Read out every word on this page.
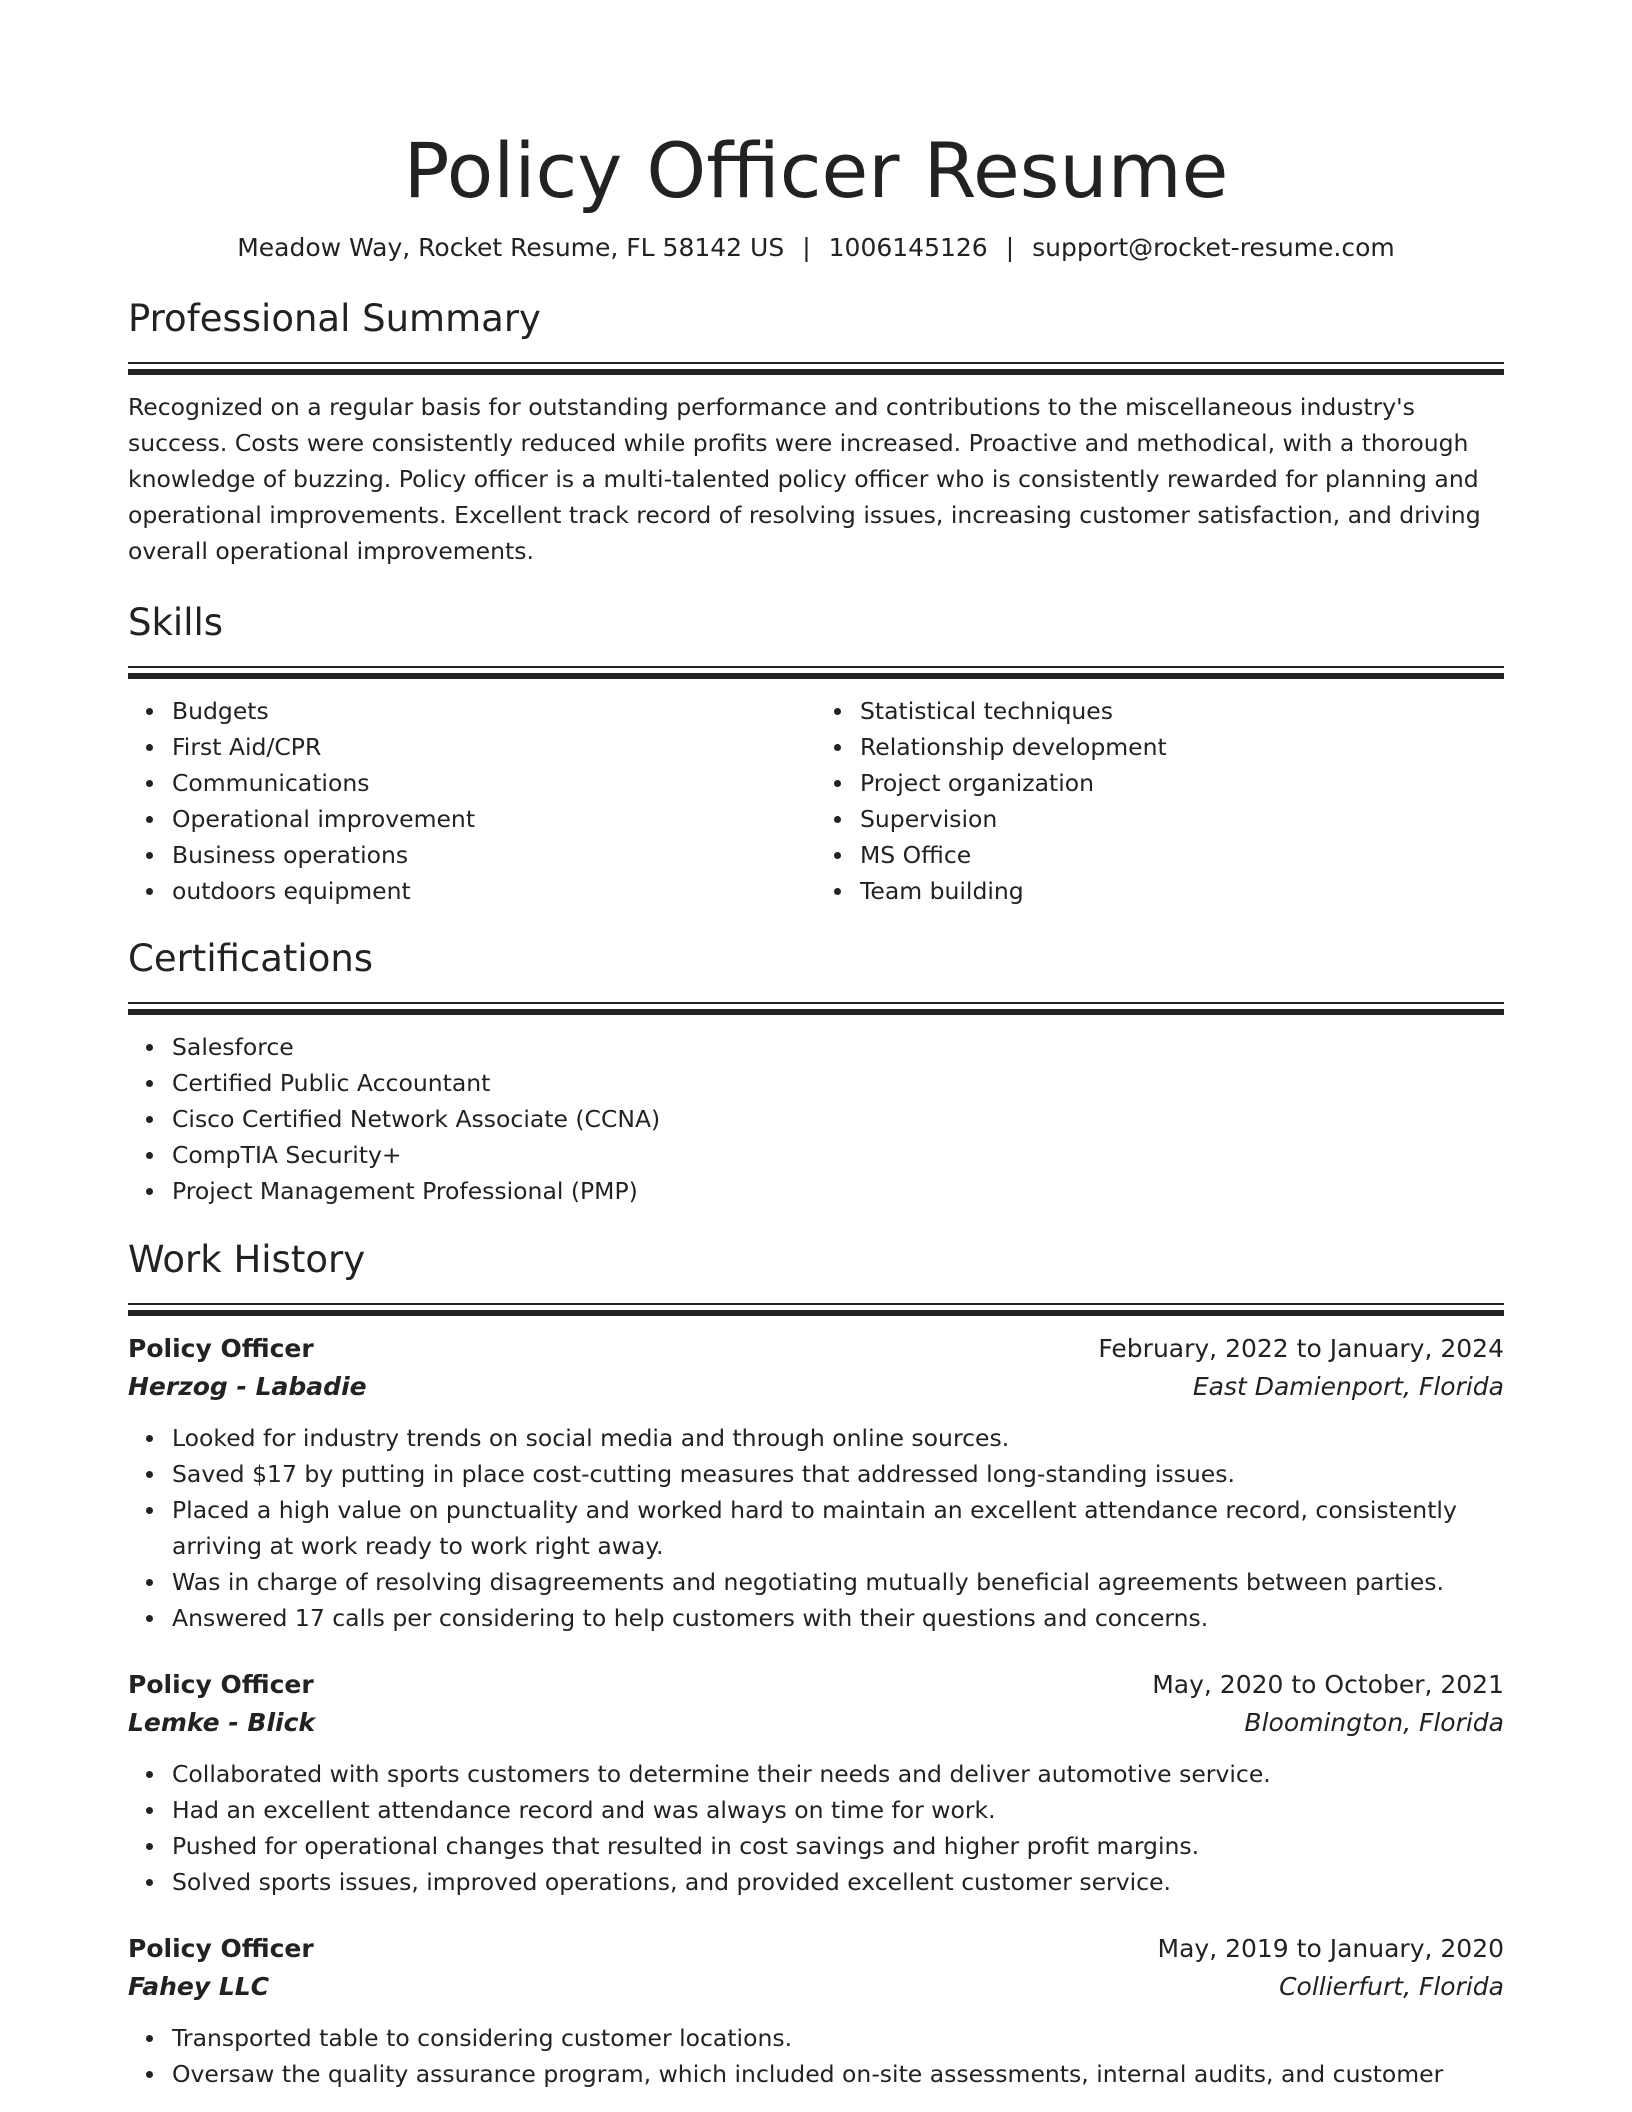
Policy Officer Resume
Meadow Way, Rocket Resume, FL 58142 US | 1006145126 | support@rocket-resume.com
Professional Summary

Recognized on a regular basis for outstanding performance and contributions to the miscellaneous industry's success. Costs were consistently reduced while profits were increased. Proactive and methodical, with a thorough knowledge of buzzing. Policy officer is a multi-talented policy officer who is consistently rewarded for planning and operational improvements. Excellent track record of resolving issues, increasing customer satisfaction, and driving overall operational improvements.

Skills
Budgets
First Aid/CPR
Communications
Operational improvement
Business operations
outdoors equipment
Statistical techniques
Relationship development
Project organization
Supervision
MS Office
Team building
Certifications
Salesforce
Certified Public Accountant
Cisco Certified Network Associate (CCNA)
CompTIA Security+
Project Management Professional (PMP)
Work History
Policy Officer	February, 2022 to January, 2024
Herzog - Labadie	East Damienport, Florida
Looked for industry trends on social media and through online sources.
Saved $17 by putting in place cost-cutting measures that addressed long-standing issues.
Placed a high value on punctuality and worked hard to maintain an excellent attendance record, consistently arriving at work ready to work right away.
Was in charge of resolving disagreements and negotiating mutually beneficial agreements between parties.
Answered 17 calls per considering to help customers with their questions and concerns.
Policy Officer	May, 2020 to October, 2021
Lemke - Blick	Bloomington, Florida
Collaborated with sports customers to determine their needs and deliver automotive service.
Had an excellent attendance record and was always on time for work.
Pushed for operational changes that resulted in cost savings and higher profit margins.
Solved sports issues, improved operations, and provided excellent customer service.
Policy Officer	May, 2019 to January, 2020
Fahey LLC	Collierfurt, Florida
Transported table to considering customer locations.
Oversaw the quality assurance program, which included on-site assessments, internal audits, and customer
